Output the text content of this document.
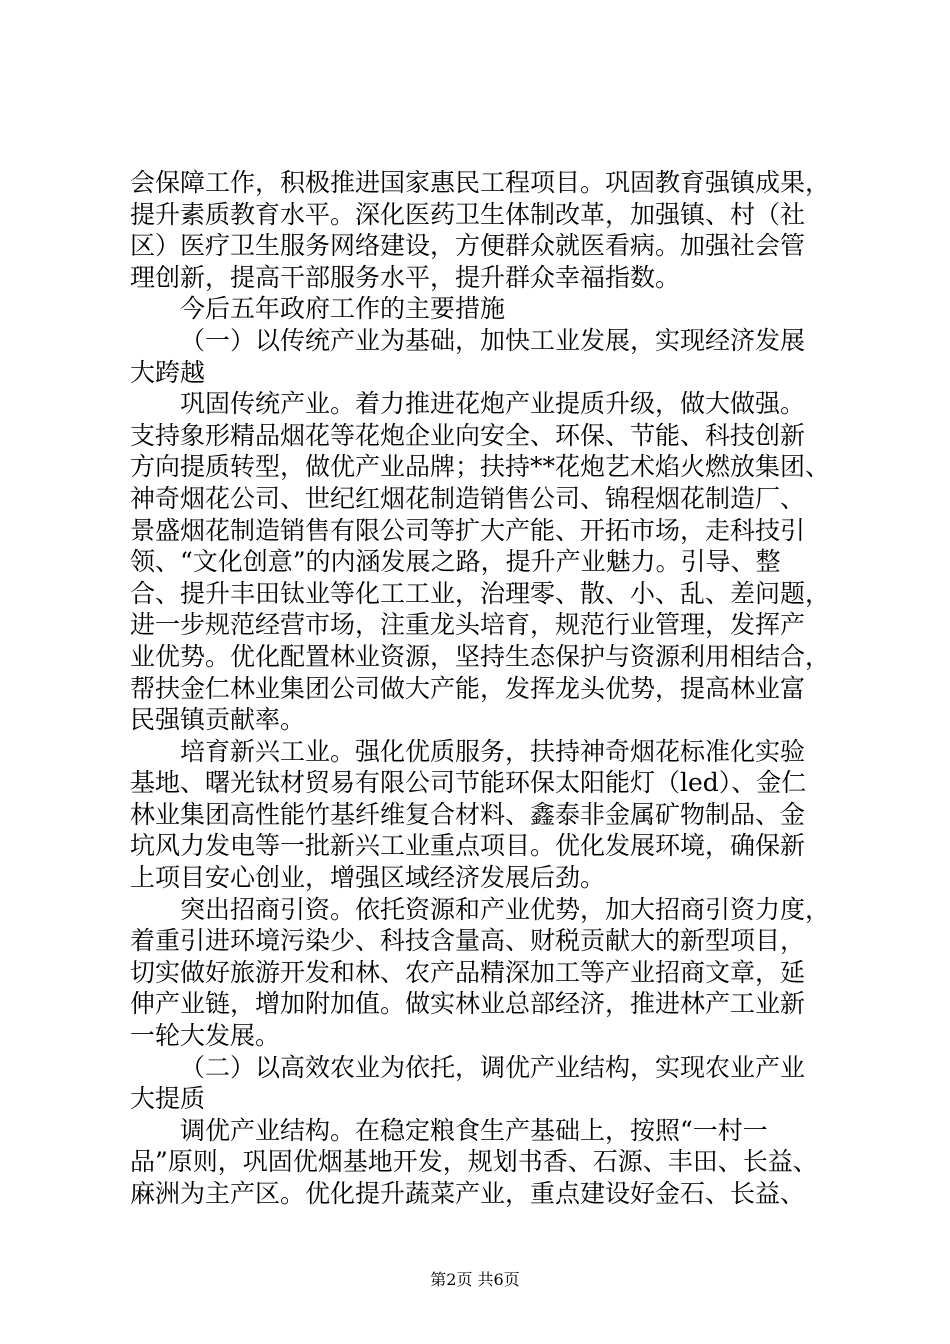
会保障工作，积极推进国家惠民工程项目。巩固教育强镇成果，
提升素质教育水平。深化医药卫生体制改革，加强镇、村（社
区）医疗卫生服务网络建设，方便群众就医看病。加强社会管
理创新，提高干部服务水平，提升群众幸福指数。
今后五年政府工作的主要措施
（一）以传统产业为基础，加快工业发展，实现经济发展
大跨越
巩固传统产业。着力推进花炮产业提质升级，做大做强。
支持象形精品烟花等花炮企业向安全、环保、节能、科技创新
方向提质转型，做优产业品牌；扶持**花炮艺术焰火燃放集团、
神奇烟花公司、世纪红烟花制造销售公司、锦程烟花制造厂、
景盛烟花制造销售有限公司等扩大产能、开拓市场，走科技引
领、“文化创意”的内涵发展之路，提升产业魅力。引导、整
合、提升丰田钛业等化工工业，治理零、散、小、乱、差问题，
进一步规范经营市场，注重龙头培育，规范行业管理，发挥产
业优势。优化配置林业资源，坚持生态保护与资源利用相结合，
帮扶金仁林业集团公司做大产能，发挥龙头优势，提高林业富
民强镇贡献率。
培育新兴工业。强化优质服务，扶持神奇烟花标准化实验
基地、曙光钛材贸易有限公司节能环保太阳能灯（led）、金仁
林业集团高性能竹基纤维复合材料、鑫泰非金属矿物制品、金
坑风力发电等一批新兴工业重点项目。优化发展环境，确保新
上项目安心创业，增强区域经济发展后劲。
突出招商引资。依托资源和产业优势，加大招商引资力度，
着重引进环境污染少、科技含量高、财税贡献大的新型项目，
切实做好旅游开发和林、农产品精深加工等产业招商文章，延
伸产业链，增加附加值。做实林业总部经济，推进林产工业新
一轮大发展。
（二）以高效农业为依托，调优产业结构，实现农业产业
大提质
调优产业结构。在稳定粮食生产基础上，按照“一村一
品”原则，巩固优烟基地开发，规划书香、石源、丰田、长益、
麻洲为主产区。优化提升蔬菜产业，重点建设好金石、长益、
第2页 共6页
